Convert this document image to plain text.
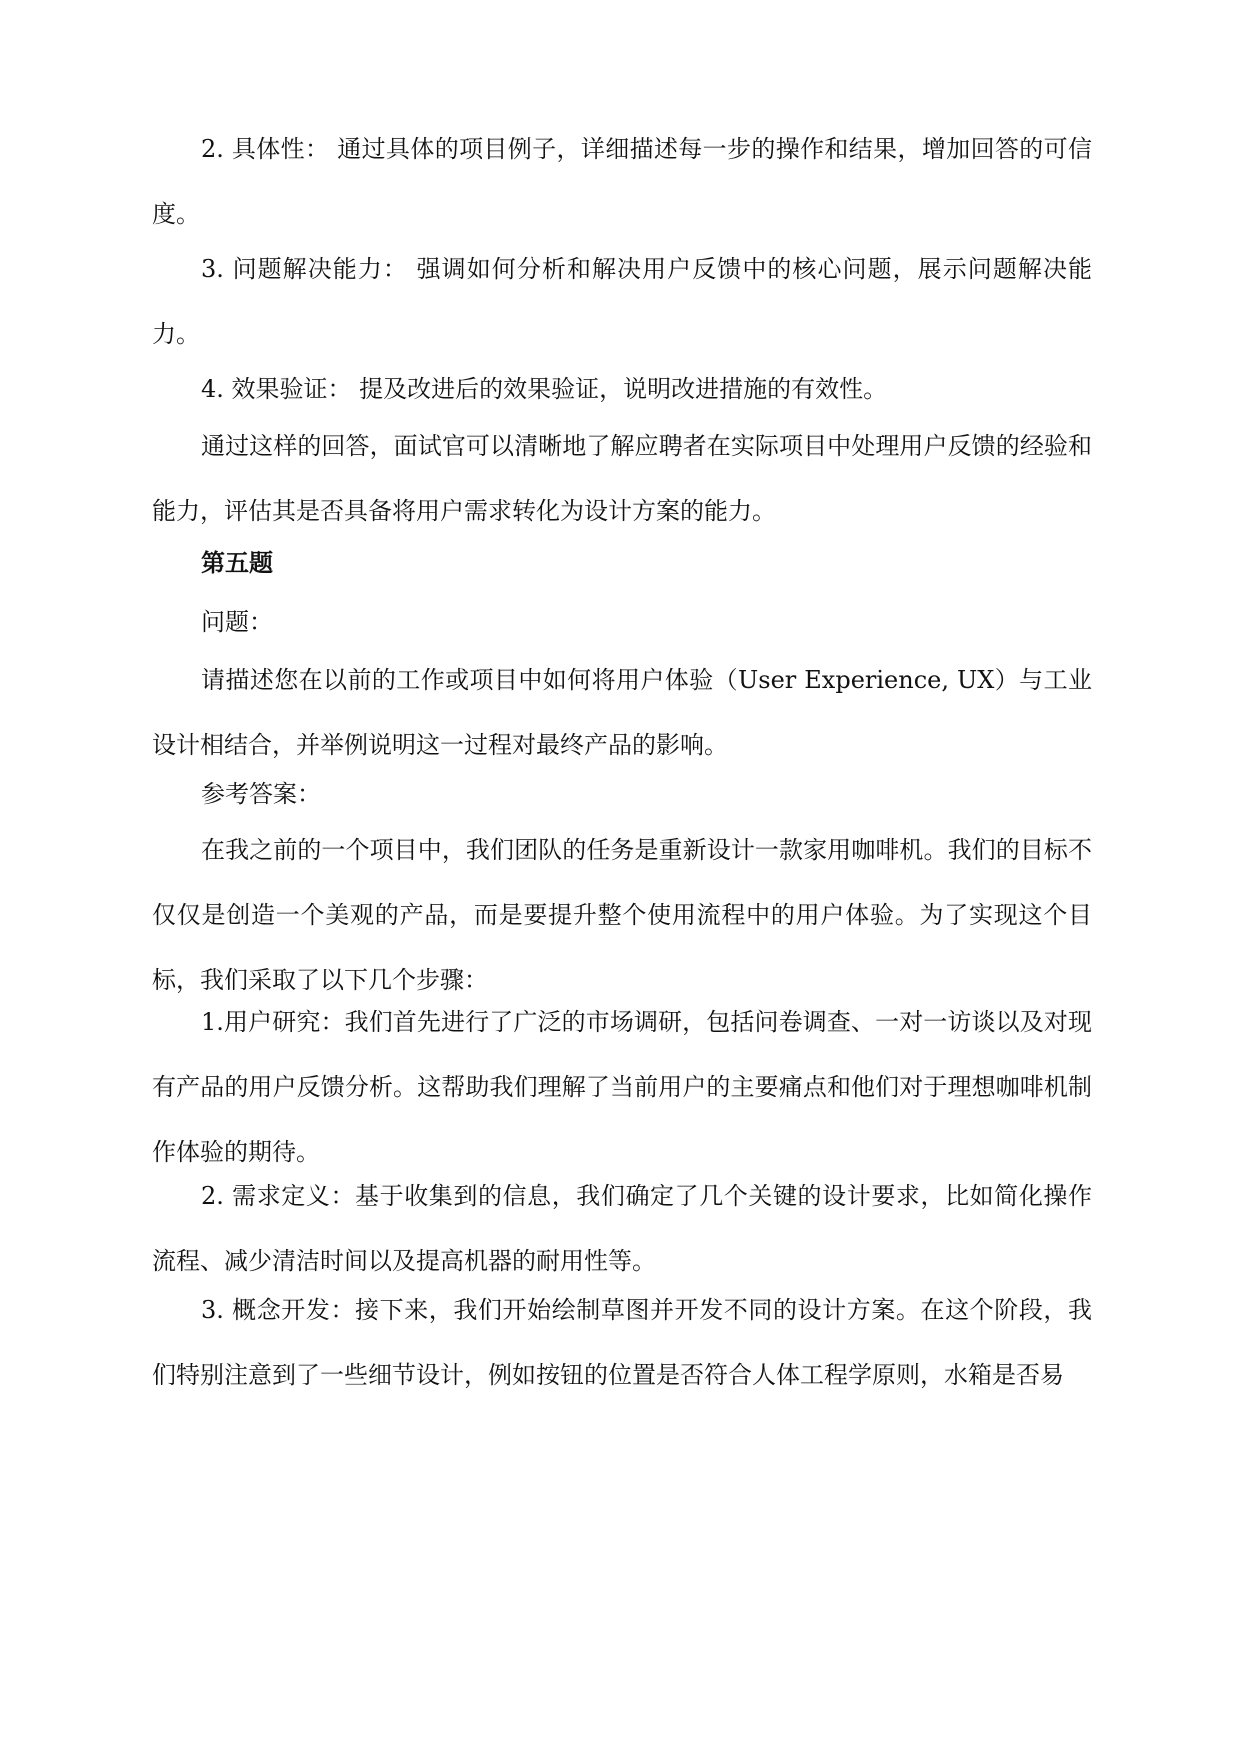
2. 具体性： 通过具体的项目例子，详细描述每一步的操作和结果，增加回答的可信度。

3. 问题解决能力： 强调如何分析和解决用户反馈中的核心问题，展示问题解决能力。

4. 效果验证： 提及改进后的效果验证，说明改进措施的有效性。

通过这样的回答，面试官可以清晰地了解应聘者在实际项目中处理用户反馈的经验和能力，评估其是否具备将用户需求转化为设计方案的能力。

第五题

问题：

请描述您在以前的工作或项目中如何将用户体验（User Experience, UX）与工业设计相结合，并举例说明这一过程对最终产品的影响。

参考答案：

在我之前的一个项目中，我们团队的任务是重新设计一款家用咖啡机。我们的目标不仅仅是创造一个美观的产品，而是要提升整个使用流程中的用户体验。为了实现这个目标，我们采取了以下几个步骤：

1.用户研究：我们首先进行了广泛的市场调研，包括问卷调查、一对一访谈以及对现有产品的用户反馈分析。这帮助我们理解了当前用户的主要痛点和他们对于理想咖啡机制作体验的期待。

2. 需求定义：基于收集到的信息，我们确定了几个关键的设计要求，比如简化操作流程、减少清洁时间以及提高机器的耐用性等。

3. 概念开发：接下来，我们开始绘制草图并开发不同的设计方案。在这个阶段，我们特别注意到了一些细节设计，例如按钮的位置是否符合人体工程学原则，水箱是否易
